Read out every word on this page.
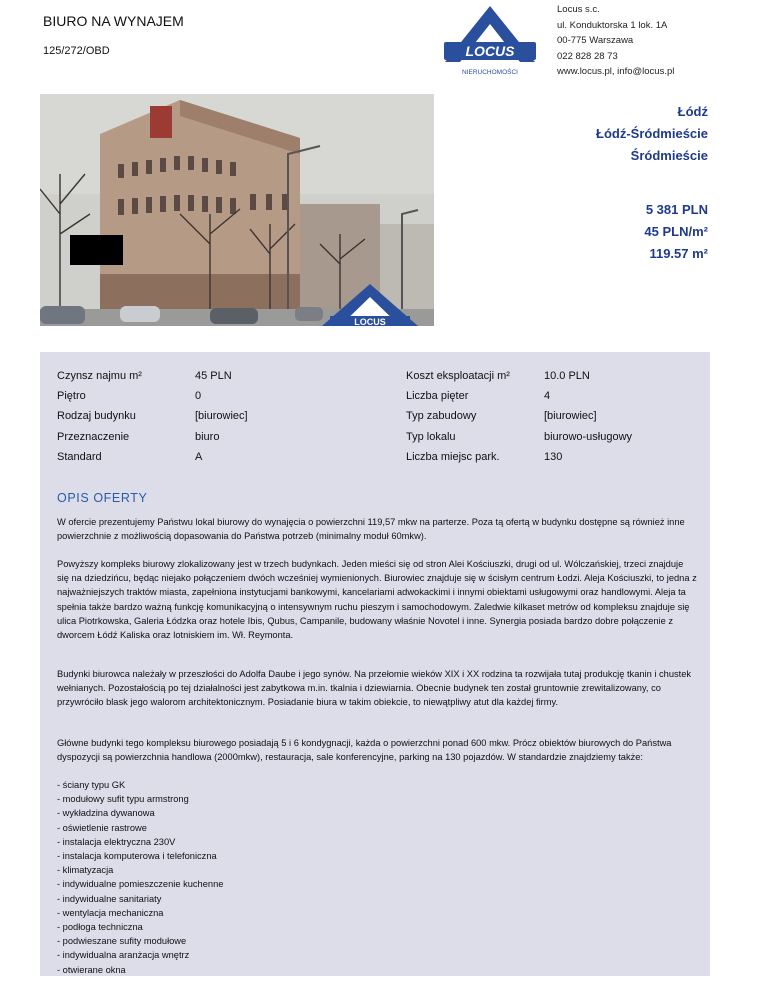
BIURO NA WYNAJEM
125/272/OBD	LOCUS
NIERUCHOMOŚCI
Locus s.c.
ul. Konduktorska 1 lok. 1A
00-775 Warszawa
022 828 28 73
www.locus.pl, info@locus.pl
LOCUS
Łódź
Łódź-Śródmieście
Śródmieście
5 381 PLN
45 PLN/m²
119.57 m²
Czynsz najmu m²	45 PLN	Koszt eksploatacji m²	10.0 PLN
Piętro	0	Liczba pięter	4
Rodzaj budynku	[biurowiec]	Typ zabudowy	[biurowiec]
Przeznaczenie	biuro	Typ lokalu	biurowo-usługowy
Standard	A	Liczba miejsc park.	130
OPIS OFERTY
W ofercie prezentujemy Państwu lokal biurowy do wynajęcia o powierzchni 119,57 mkw na parterze. Poza tą ofertą w budynku dostępne są również inne powierzchnie z możliwością dopasowania do Państwa potrzeb (minimalny moduł 60mkw).
Powyższy kompleks biurowy zlokalizowany jest w trzech budynkach. Jeden mieści się od stron Alei Kościuszki, drugi od ul. Wólczańskiej, trzeci znajduje się na dziedzińcu, będąc niejako połączeniem dwóch wcześniej wymienionych. Biurowiec znajduje się w ścisłym centrum Łodzi. Aleja Kościuszki, to jedna z najważniejszych traktów miasta, zapełniona instytucjami bankowymi, kancelariami adwokackimi i innymi obiektami usługowymi oraz handlowymi. Aleja ta spełnia także bardzo ważną funkcję komunikacyjną o intensywnym ruchu pieszym i samochodowym. Zaledwie kilkaset metrów od kompleksu znajduje się ulica Piotrkowska, Galeria Łódzka oraz hotele Ibis, Qubus, Campanile, budowany właśnie Novotel i inne. Synergia posiada bardzo dobre połączenie z dworcem Łódź Kaliska oraz lotniskiem im. Wł. Reymonta.
Budynki biurowca należały w przeszłości do Adolfa Daube i jego synów. Na przełomie wieków XIX i XX rodzina ta rozwijała tutaj produkcję tkanin i chustek wełnianych. Pozostałością po tej działalności jest zabytkowa m.in. tkalnia i dziewiarnia. Obecnie budynek ten został gruntownie zrewitalizowany, co przywróciło blask jego walorom architektonicznym. Posiadanie biura w takim obiekcie, to niewątpliwy atut dla każdej firmy.
Główne budynki tego kompleksu biurowego posiadają 5 i 6 kondygnacji, każda o powierzchni ponad 600 mkw. Prócz obiektów biurowych do Państwa dyspozycji są powierzchnia handlowa (2000mkw), restauracja, sale konferencyjne, parking na 130 pojazdów. W standardzie znajdziemy także:
- ściany typu GK
- modułowy sufit typu armstrong
- wykładzina dywanowa
- oświetlenie rastrowe
- instalacja elektryczna 230V
- instalacja komputerowa i telefoniczna
- klimatyzacja
- indywidualne pomieszczenie kuchenne
- indywidualne sanitariaty
- wentylacja mechaniczna
- podłoga techniczna
- podwieszane sufity modułowe
- indywidualna aranżacja wnętrz
- otwierane okna
